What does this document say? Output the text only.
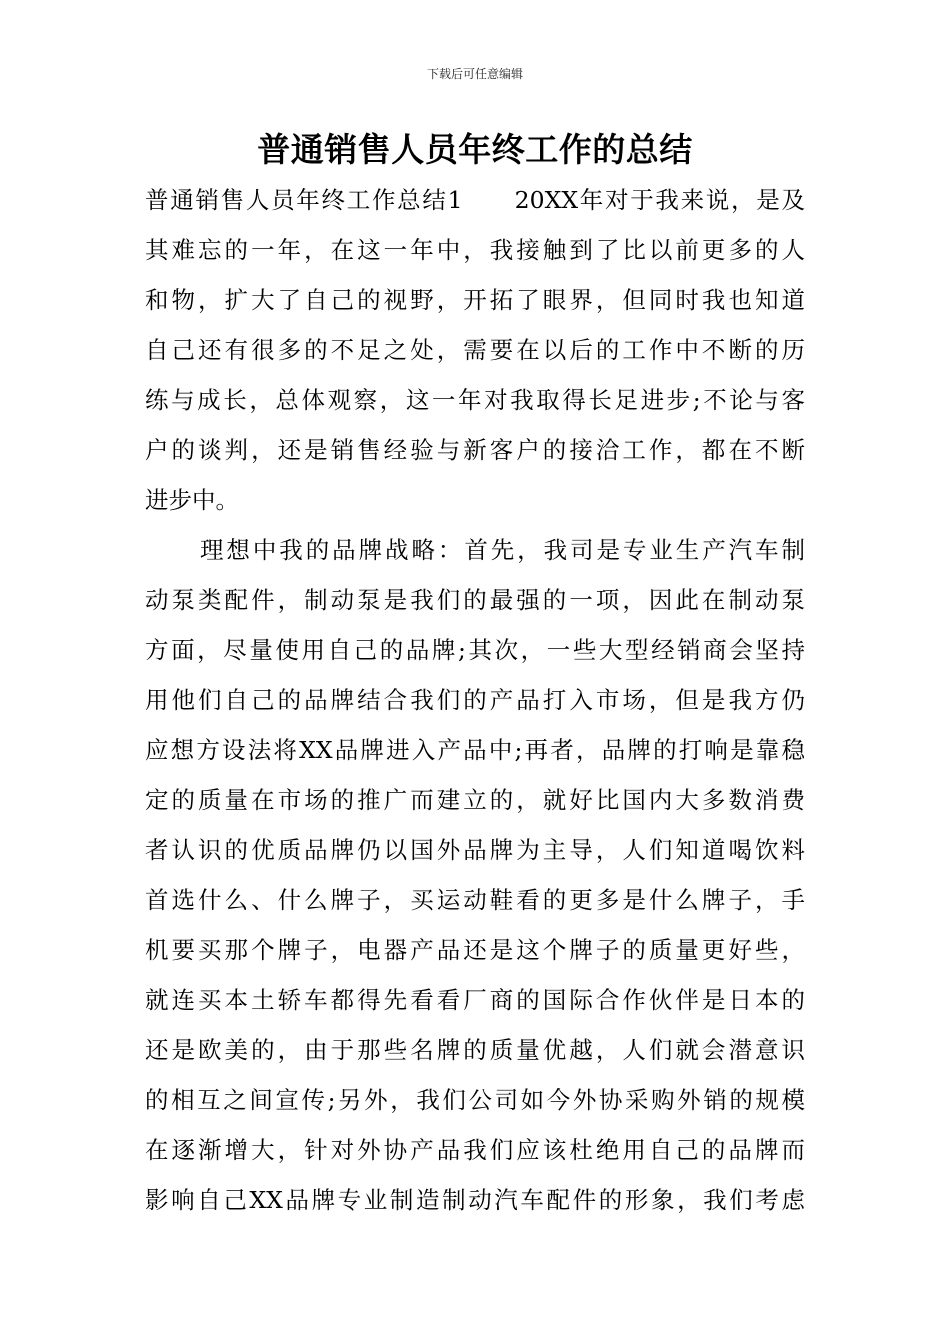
下载后可任意编辑
普通销售人员年终工作的总结
普通销售人员年终工作总结1　　20XX年对于我来说，是及
其难忘的一年，在这一年中，我接触到了比以前更多的人
和物，扩大了自己的视野，开拓了眼界，但同时我也知道
自己还有很多的不足之处，需要在以后的工作中不断的历
练与成长，总体观察，这一年对我取得长足进步;不论与客
户的谈判，还是销售经验与新客户的接洽工作，都在不断
进步中。
理想中我的品牌战略：首先，我司是专业生产汽车制
动泵类配件，制动泵是我们的最强的一项，因此在制动泵
方面，尽量使用自己的品牌;其次，一些大型经销商会坚持
用他们自己的品牌结合我们的产品打入市场，但是我方仍
应想方设法将XX品牌进入产品中;再者，品牌的打响是靠稳
定的质量在市场的推广而建立的，就好比国内大多数消费
者认识的优质品牌仍以国外品牌为主导，人们知道喝饮料
首选什么、什么牌子，买运动鞋看的更多是什么牌子，手
机要买那个牌子，电器产品还是这个牌子的质量更好些，
就连买本土轿车都得先看看厂商的国际合作伙伴是日本的
还是欧美的，由于那些名牌的质量优越，人们就会潜意识
的相互之间宣传;另外，我们公司如今外协采购外销的规模
在逐渐增大，针对外协产品我们应该杜绝用自己的品牌而
影响自己XX品牌专业制造制动汽车配件的形象，我们考虑
